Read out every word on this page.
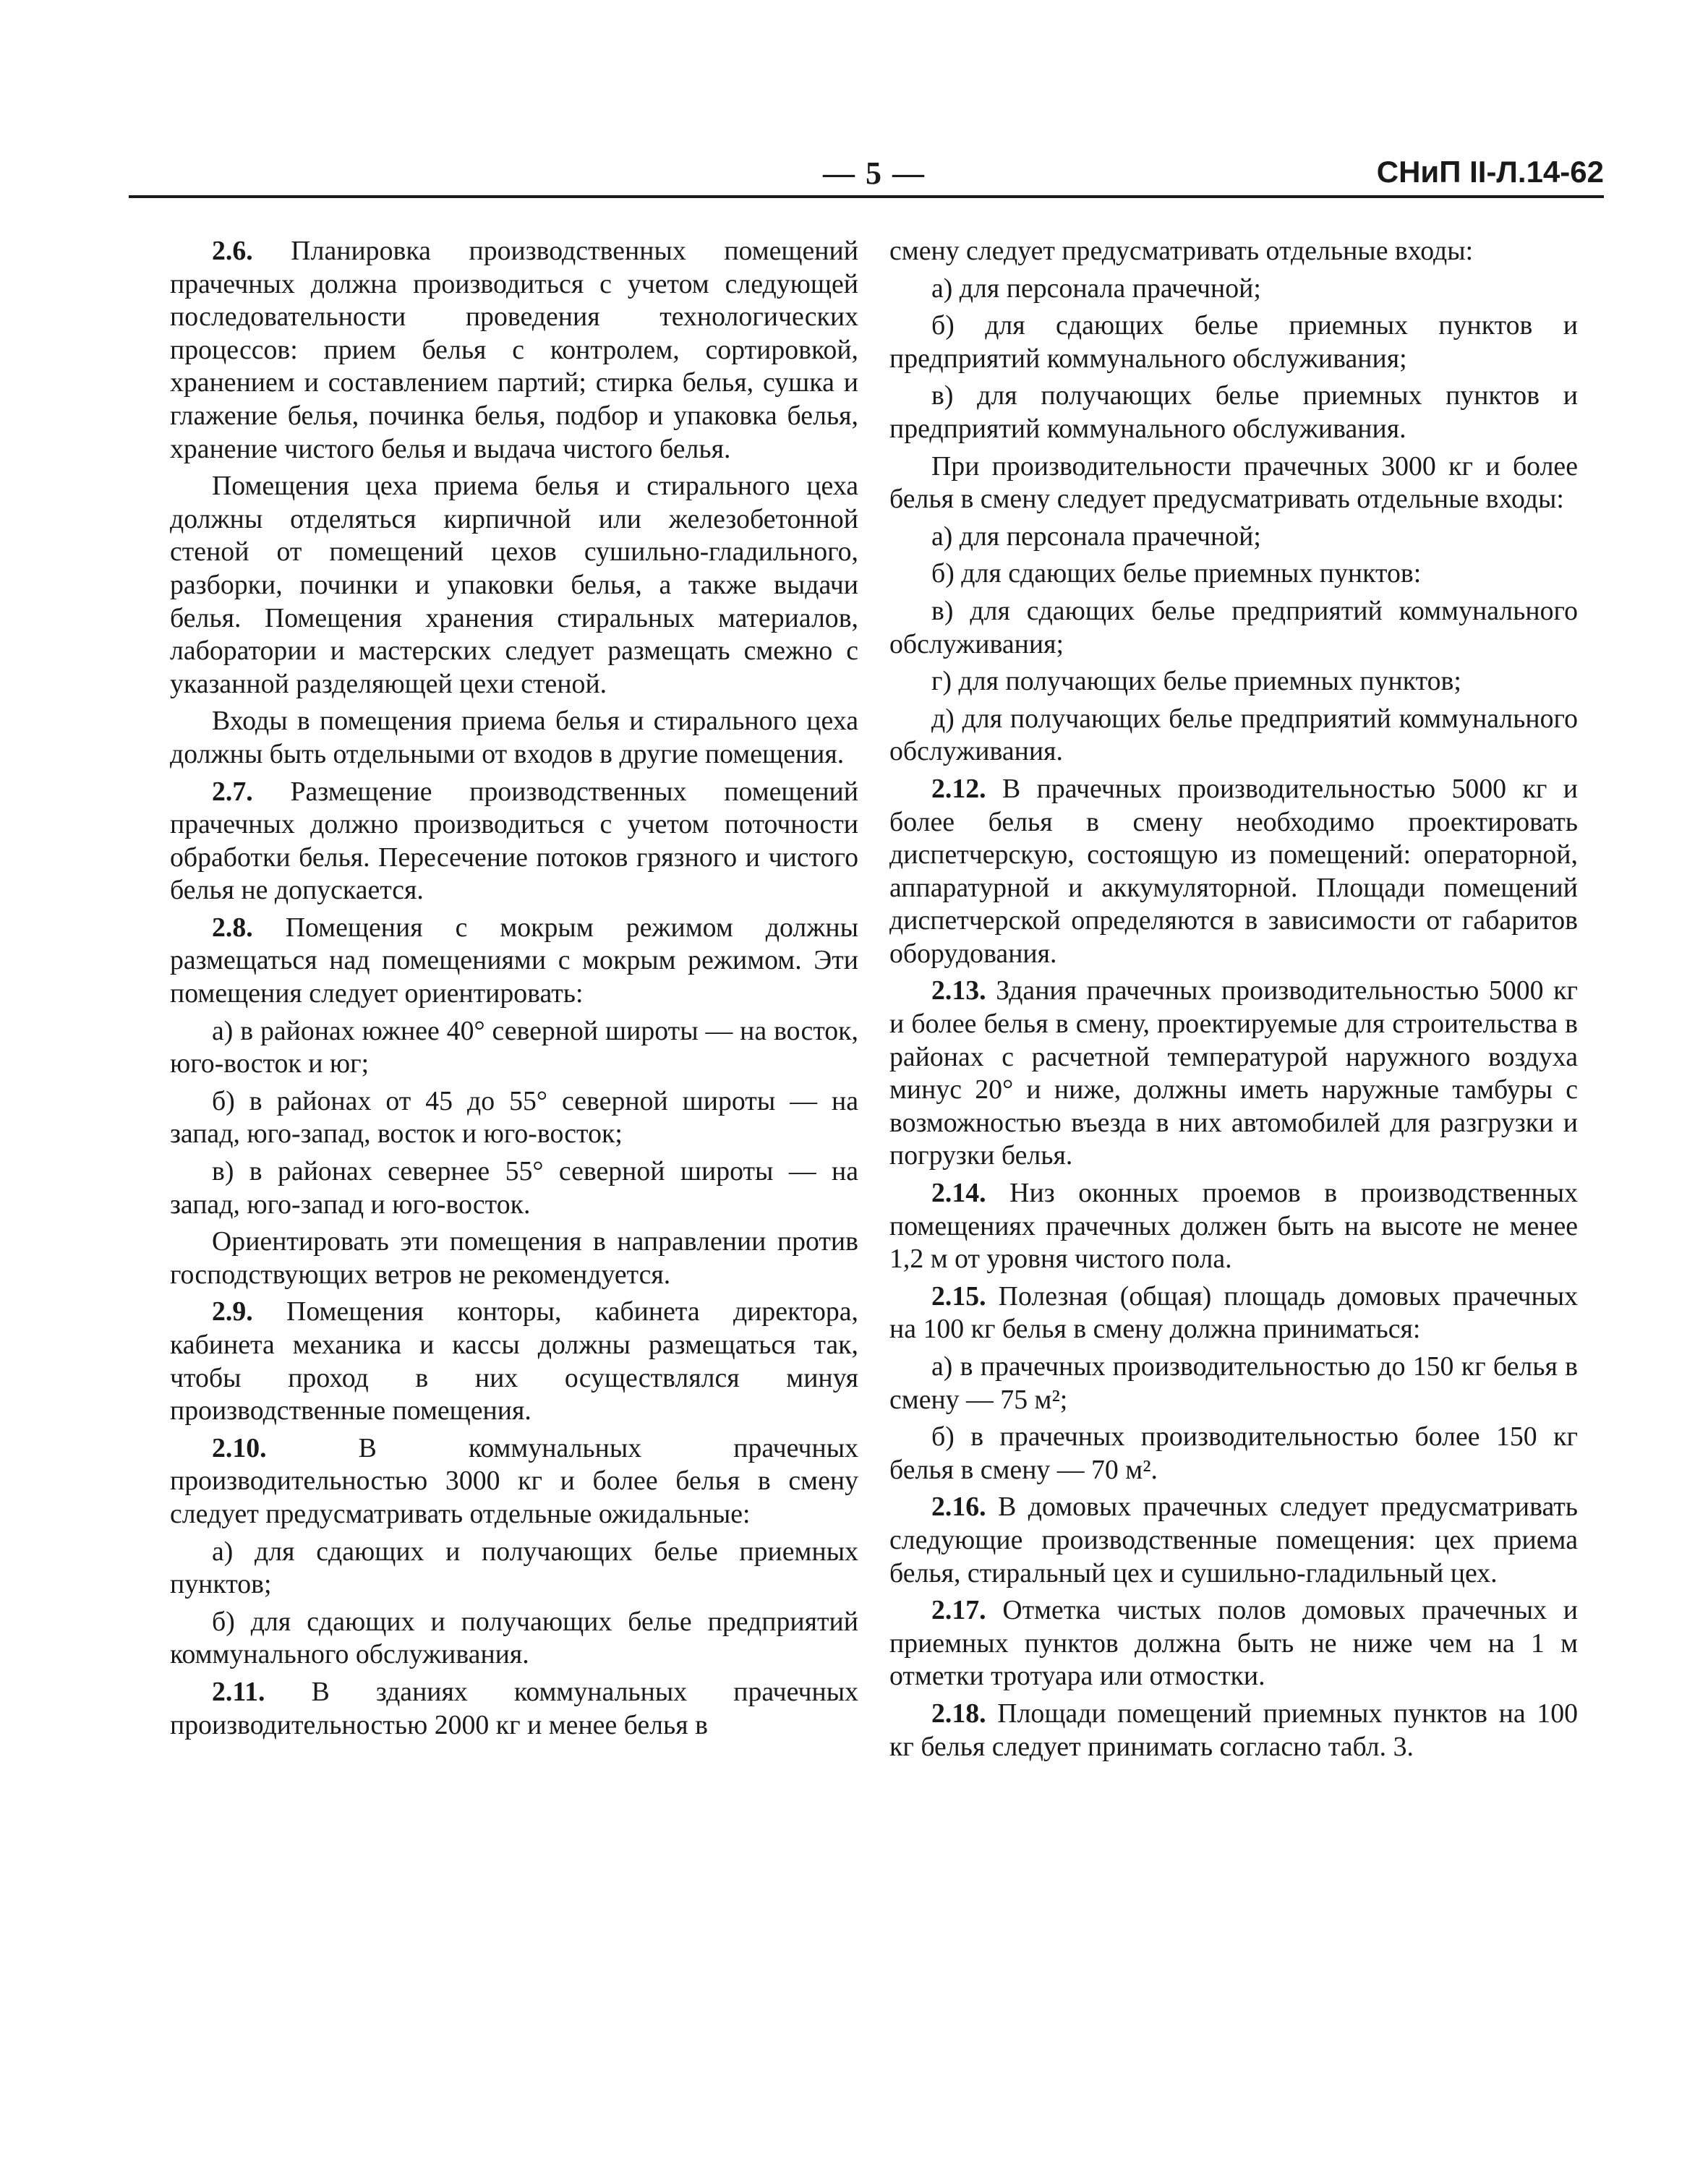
— 5 —	СНиП II-Л.14-62

2.6. Планировка производственных помещений прачечных должна производиться с учетом следующей последовательности проведения технологических процессов: прием белья с контролем, сортировкой, хранением и составлением партий; стирка белья, сушка и глажение белья, починка белья, подбор и упаковка белья, хранение чистого белья и выдача чистого белья.

Помещения цеха приема белья и стирального цеха должны отделяться кирпичной или железобетонной стеной от помещений цехов сушильно-гладильного, разборки, починки и упаковки белья, а также выдачи белья. Помещения хранения стиральных материалов, лаборатории и мастерских следует размещать смежно с указанной разделяющей цехи стеной.

Входы в помещения приема белья и стирального цеха должны быть отдельными от входов в другие помещения.

2.7. Размещение производственных помещений прачечных должно производиться с учетом поточности обработки белья. Пересечение потоков грязного и чистого белья не допускается.

2.8. Помещения с мокрым режимом должны размещаться над помещениями с мокрым режимом. Эти помещения следует ориентировать:

а) в районах южнее 40° северной широты — на восток, юго-восток и юг;

б) в районах от 45 до 55° северной широты — на запад, юго-запад, восток и юго-восток;

в) в районах севернее 55° северной широты — на запад, юго-запад и юго-восток.

Ориентировать эти помещения в направлении против господствующих ветров не рекомендуется.

2.9. Помещения конторы, кабинета директора, кабинета механика и кассы должны размещаться так, чтобы проход в них осуществлялся минуя производственные помещения.

2.10. В коммунальных прачечных производительностью 3000 кг и более белья в смену следует предусматривать отдельные ожидальные:

а) для сдающих и получающих белье приемных пунктов;

б) для сдающих и получающих белье предприятий коммунального обслуживания.

2.11. В зданиях коммунальных прачечных производительностью 2000 кг и менее белья в

смену следует предусматривать отдельные входы:

а) для персонала прачечной;

б) для сдающих белье приемных пунктов и предприятий коммунального обслуживания;

в) для получающих белье приемных пунктов и предприятий коммунального обслуживания.

При производительности прачечных 3000 кг и более белья в смену следует предусматривать отдельные входы:

а) для персонала прачечной;

б) для сдающих белье приемных пунктов:

в) для сдающих белье предприятий коммунального обслуживания;

г) для получающих белье приемных пунктов;

д) для получающих белье предприятий коммунального обслуживания.

2.12. В прачечных производительностью 5000 кг и более белья в смену необходимо проектировать диспетчерскую, состоящую из помещений: операторной, аппаратурной и аккумуляторной. Площади помещений диспетчерской определяются в зависимости от габаритов оборудования.

2.13. Здания прачечных производительностью 5000 кг и более белья в смену, проектируемые для строительства в районах с расчетной температурой наружного воздуха минус 20° и ниже, должны иметь наружные тамбуры с возможностью въезда в них автомобилей для разгрузки и погрузки белья.

2.14. Низ оконных проемов в производственных помещениях прачечных должен быть на высоте не менее 1,2 м от уровня чистого пола.

2.15. Полезная (общая) площадь домовых прачечных на 100 кг белья в смену должна приниматься:

а) в прачечных производительностью до 150 кг белья в смену — 75 м²;

б) в прачечных производительностью более 150 кг белья в смену — 70 м².

2.16. В домовых прачечных следует предусматривать следующие производственные помещения: цех приема белья, стиральный цех и сушильно-гладильный цех.

2.17. Отметка чистых полов домовых прачечных и приемных пунктов должна быть не ниже чем на 1 м отметки тротуара или отмостки.

2.18. Площади помещений приемных пунктов на 100 кг белья следует принимать согласно табл. 3.
